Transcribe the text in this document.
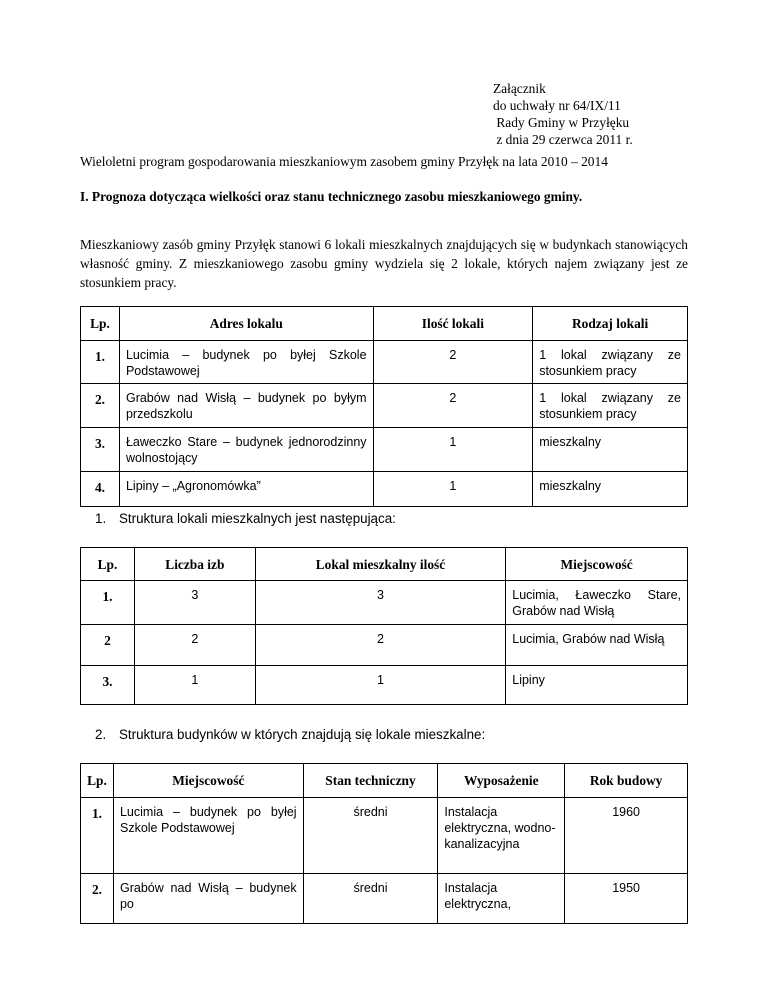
Załącznik
do uchwały nr 64/IX/11
Rady Gminy w Przyłęku
z dnia 29 czerwca 2011 r.
Wieloletni program gospodarowania mieszkaniowym zasobem gminy Przyłęk na lata 2010 – 2014
I. Prognoza dotycząca wielkości oraz stanu technicznego zasobu mieszkaniowego gminy.
Mieszkaniowy zasób gminy Przyłęk stanowi 6 lokali mieszkalnych znajdujących się w budynkach stanowiących własność gminy. Z mieszkaniowego zasobu gminy wydziela się 2 lokale, których najem związany jest ze stosunkiem pracy.
Lp.	Adres lokalu	Ilość lokali	Rodzaj lokali
1.	Lucimia – budynek po byłej Szkole Podstawowej	2	1 lokal związany ze stosunkiem pracy
2.	Grabów nad Wisłą – budynek po byłym przedszkolu	2	1 lokal związany ze stosunkiem pracy
3.	Ławeczko Stare – budynek jednorodzinny wolnostojący	1	mieszkalny
4.	Lipiny – „Agronomówka”	1	mieszkalny
1. Struktura lokali mieszkalnych jest następująca:
Lp.	Liczba izb	Lokal mieszkalny ilość	Miejscowość
1.	3	3	Lucimia, Ławeczko Stare, Grabów nad Wisłą
2	2	2	Lucimia, Grabów nad Wisłą
3.	1	1	Lipiny
2. Struktura budynków w których znajdują się lokale mieszkalne:
Lp.	Miejscowość	Stan techniczny	Wyposażenie	Rok budowy
1.	Lucimia – budynek po byłej Szkole Podstawowej	średni	Instalacja elektryczna, wodno-kanalizacyjna	1960
2.	Grabów nad Wisłą – budynek po	średni	Instalacja elektryczna,	1950
